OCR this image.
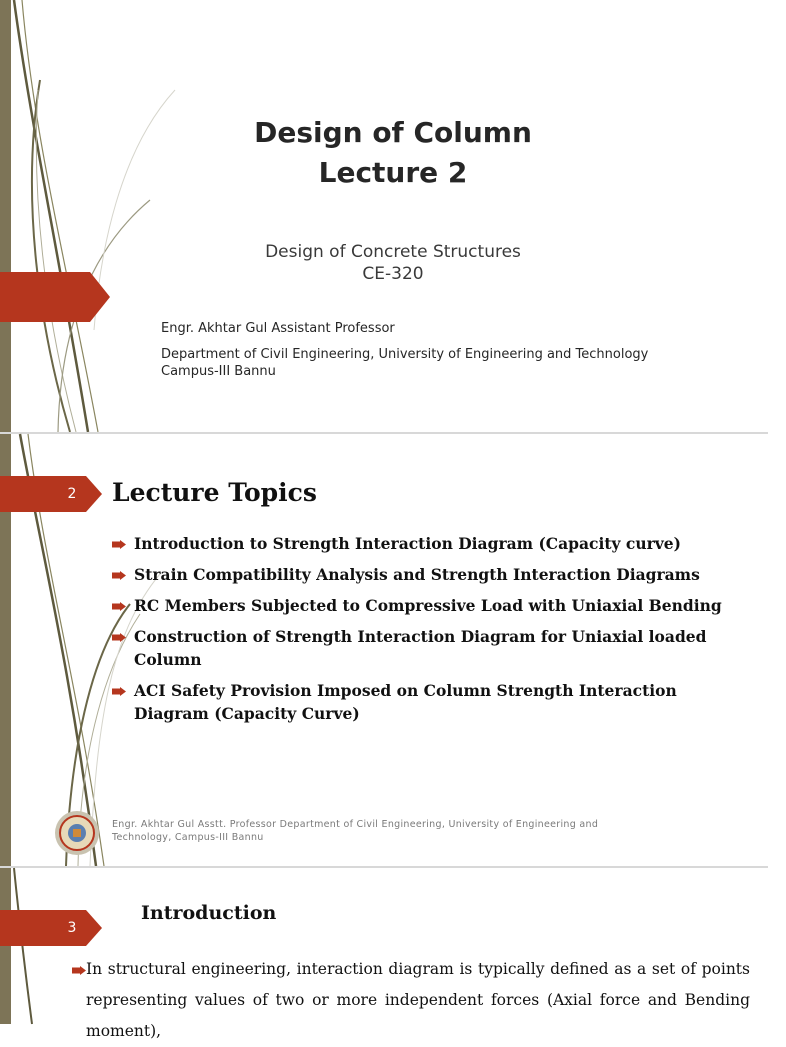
Design of Column
Lecture 2
Design of Concrete Structures
CE-320
Engr. Akhtar Gul Assistant Professor
Department of Civil Engineering, University of Engineering and Technology
Campus-III Bannu
2	Lecture Topics
Introduction to Strength Interaction Diagram (Capacity curve)
Strain Compatibility Analysis and Strength Interaction Diagrams
RC Members Subjected to Compressive Load with Uniaxial Bending
Construction of Strength Interaction Diagram for Uniaxial loaded Column
ACI Safety Provision Imposed on Column Strength Interaction Diagram (Capacity Curve)
Engr. Akhtar Gul Asstt. Professor Department of Civil Engineering, University of Engineering and
Technology, Campus-III Bannu
3
Introduction
In structural engineering, interaction diagram is typically defined as a set of points representing values of two or more independent forces (Axial force and Bending moment),
